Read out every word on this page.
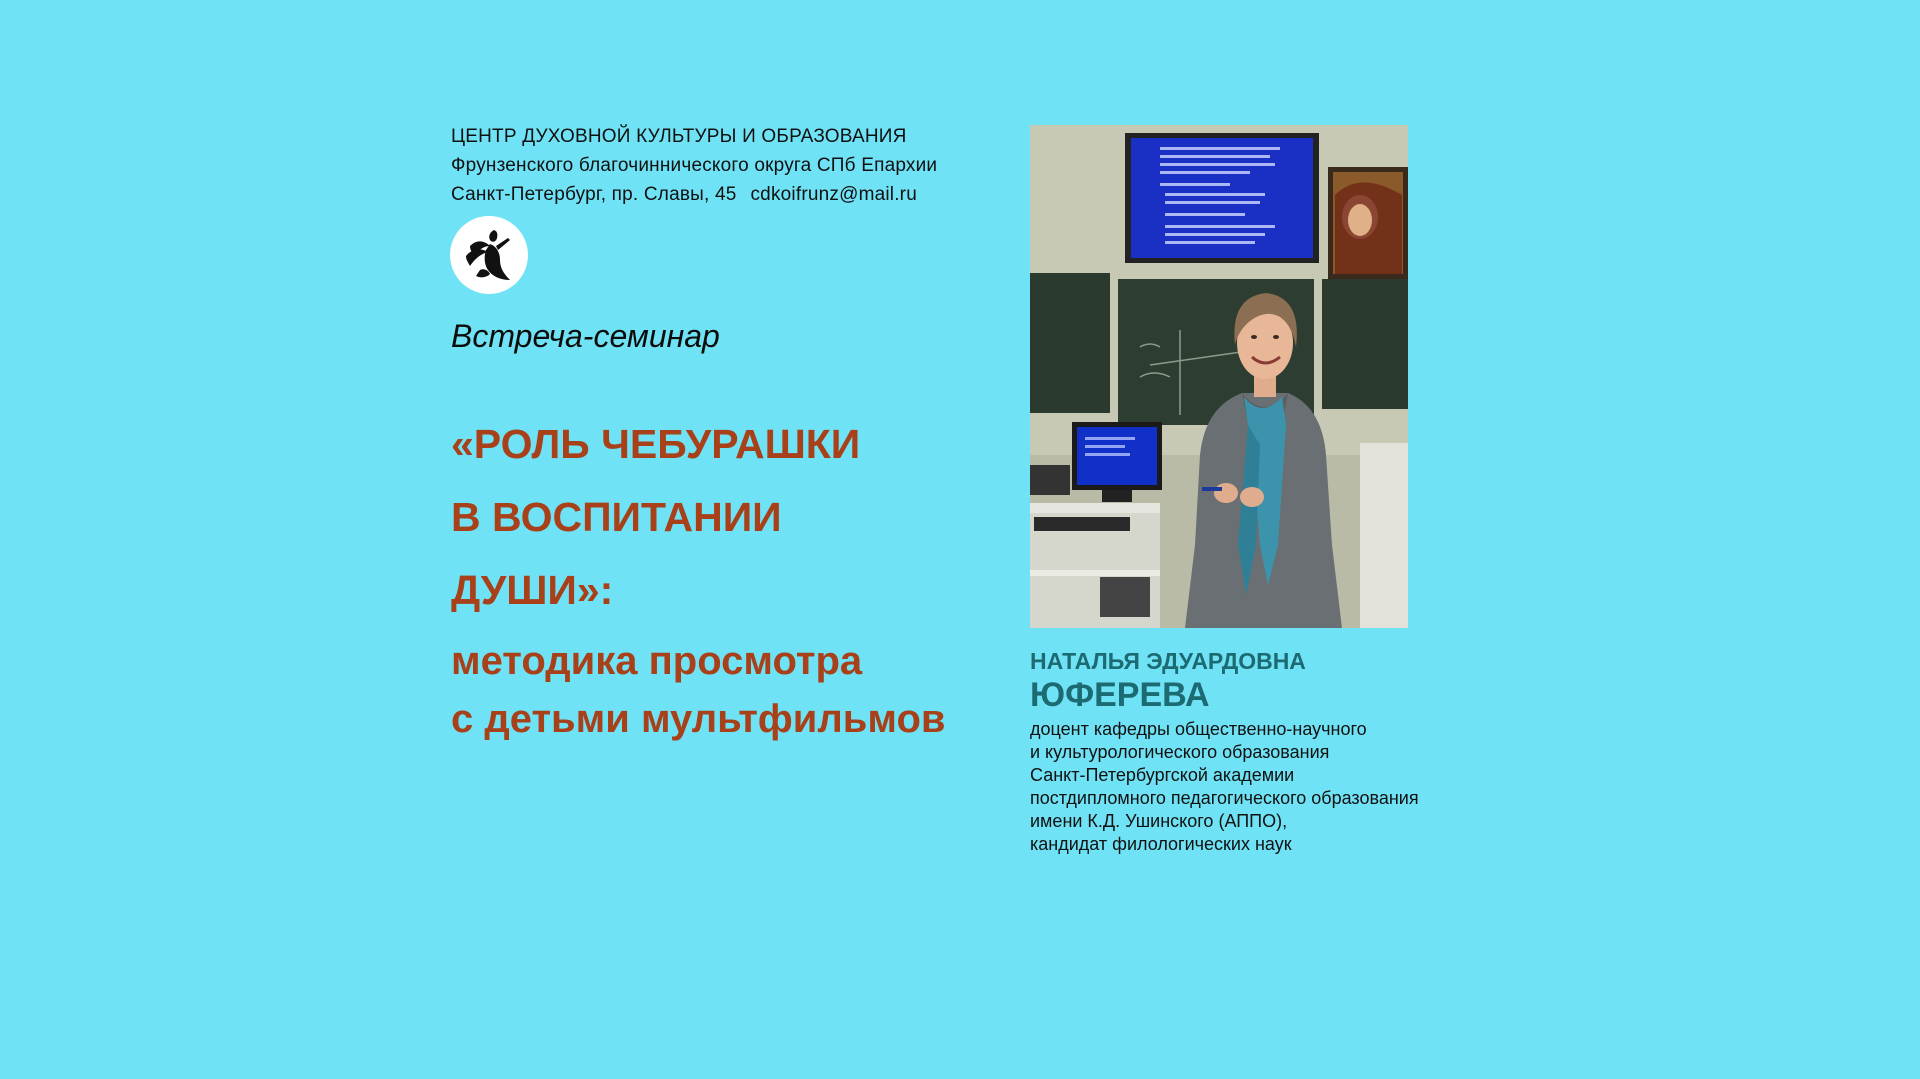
ЦЕНТР ДУХОВНОЙ КУЛЬТУРЫ И ОБРАЗОВАНИЯ
Фрунзенского благочиннического округа СПб Епархии
Санкт-Петербург, пр. Славы, 45 cdkoifrunz@mail.ru
Встреча-семинар
«РОЛЬ ЧЕБУРАШКИ
В ВОСПИТАНИИ
ДУШИ»:
методика просмотра
с детьми мультфильмов
НАТАЛЬЯ ЭДУАРДОВНА
ЮФЕРЕВА
доцент кафедры общественно-научного
и культурологического образования
Санкт-Петербургской академии
постдипломного педагогического образования
имени К.Д. Ушинского (АППО),
кандидат филологических наук
